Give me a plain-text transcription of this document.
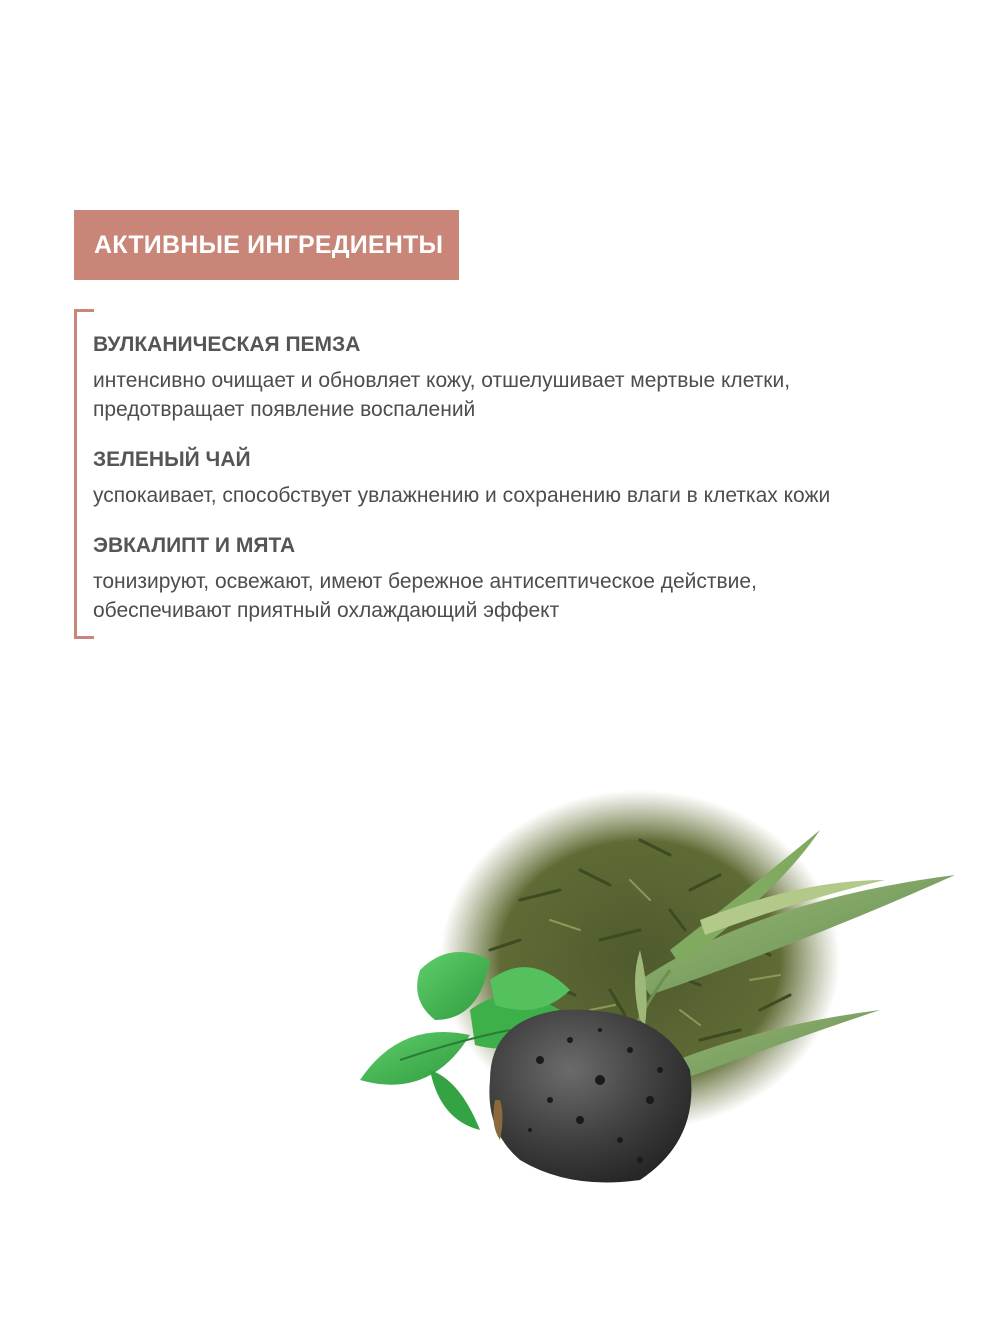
АКТИВНЫЕ ИНГРЕДИЕНТЫ

ВУЛКАНИЧЕСКАЯ ПЕМЗА

интенсивно очищает и обновляет кожу, отшелушивает мертвые клетки,
предотвращает появление воспалений

ЗЕЛЕНЫЙ ЧАЙ

успокаивает, способствует увлажнению и сохранению влаги в клетках кожи

ЭВКАЛИПТ И МЯТА

тонизируют, освежают, имеют бережное антисептическое действие,
обеспечивают приятный охлаждающий эффект
